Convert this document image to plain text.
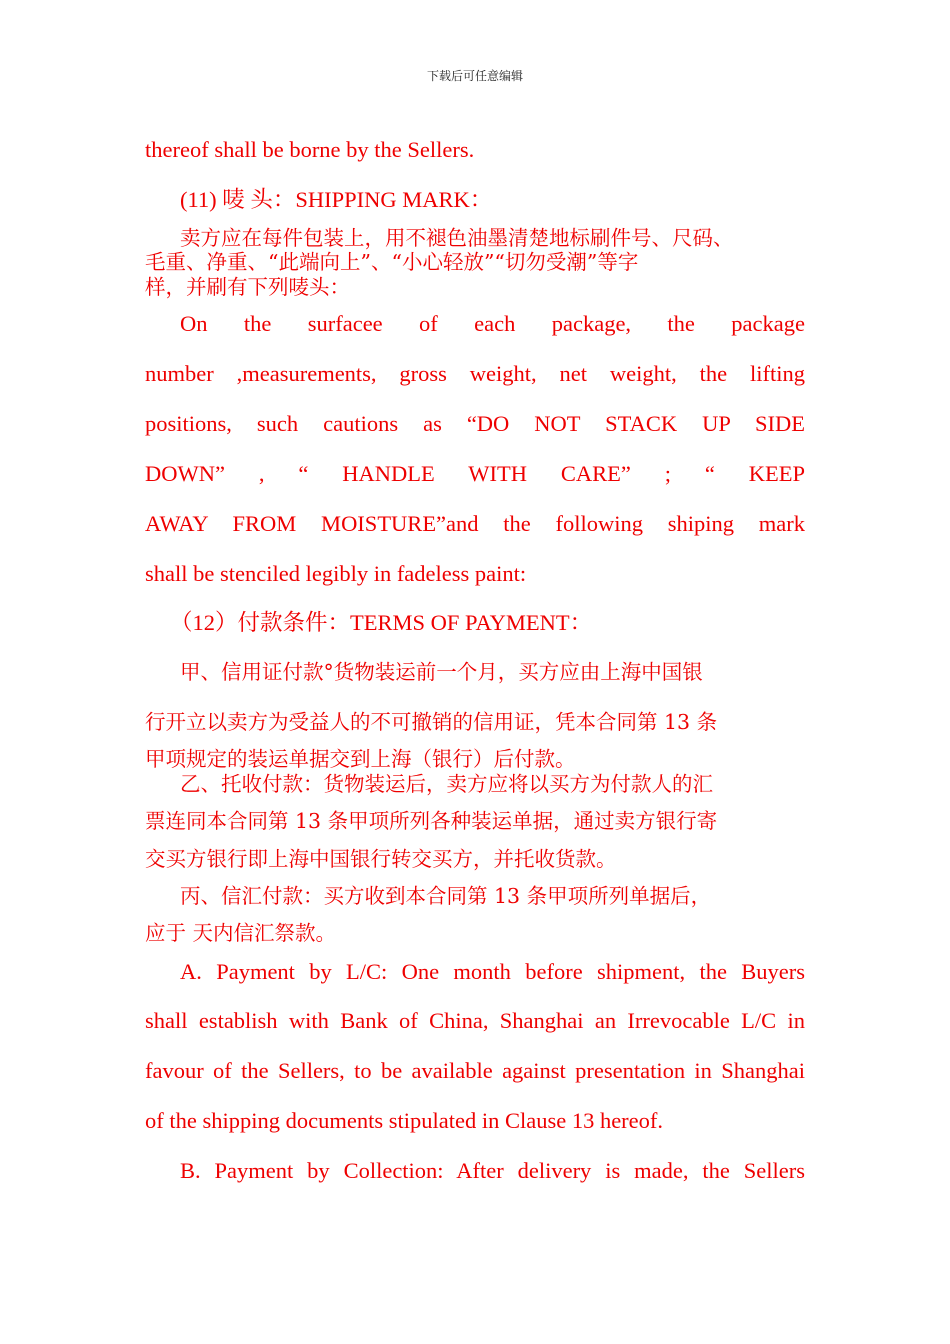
下载后可任意编辑
thereof shall be borne by the Sellers.
(11) 唛 头：SHIPPING MARK：
卖方应在每件包装上，用不褪色油墨清楚地标刷件号、尺码、
毛重、净重、“此端向上”、“小心轻放”“切勿受潮”等字
样，并刷有下列唛头：
On the surfacee of each package, the package
number ,measurements, gross weight, net weight, the lifting
positions, such cautions as “DO NOT STACK UP SIDE
DOWN” , “ HANDLE WITH CARE” ; “ KEEP
AWAY FROM MOISTURE”and the following shiping mark
shall be stenciled legibly in fadeless paint:
（12）付款条件：TERMS OF PAYMENT：
甲、信用证付款°货物装运前一个月，买方应由上海中国银
行开立以卖方为受益人的不可撤销的信用证，凭本合同第 13 条
甲项规定的装运单据交到上海（银行）后付款。
乙、托收付款：货物装运后，卖方应将以买方为付款人的汇
票连同本合同第 13 条甲项所列各种装运单据，通过卖方银行寄
交买方银行即上海中国银行转交买方，并托收货款。
丙、信汇付款：买方收到本合同第 13 条甲项所列单据后，
应于 天内信汇祭款。
A. Payment by L/C: One month before shipment, the Buyers
shall establish with Bank of China, Shanghai an Irrevocable L/C in
favour of the Sellers, to be available against presentation in Shanghai
of the shipping documents stipulated in Clause 13 hereof.
B. Payment by Collection: After delivery is made, the Sellers
